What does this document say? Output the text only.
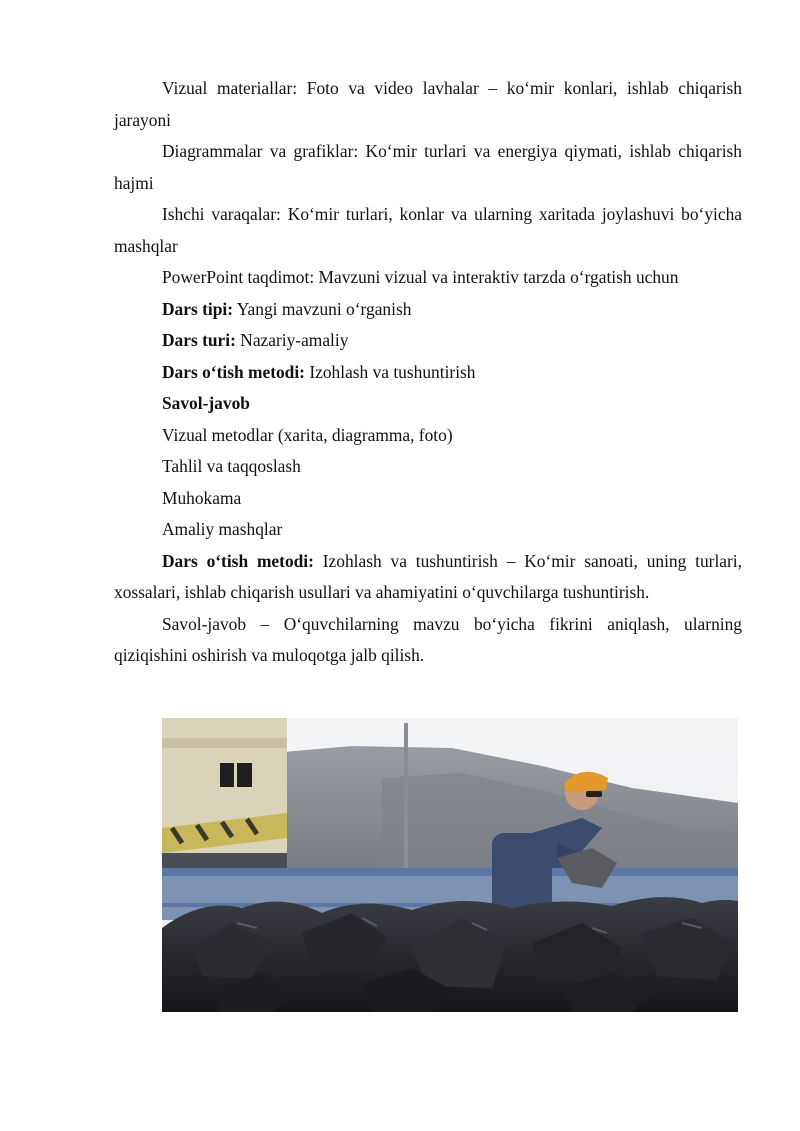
Vizual materiallar: Foto va video lavhalar – ko‘mir konlari, ishlab chiqarish jarayoni

Diagrammalar va grafiklar: Ko‘mir turlari va energiya qiymati, ishlab chiqarish hajmi

Ishchi varaqalar: Ko‘mir turlari, konlar va ularning xaritada joylashuvi bo‘yicha mashqlar

PowerPoint taqdimot: Mavzuni vizual va interaktiv tarzda o‘rgatish uchun

Dars tipi: Yangi mavzuni o‘rganish

Dars turi: Nazariy-amaliy

Dars o‘tish metodi: Izohlash va tushuntirish

Savol-javob

Vizual metodlar (xarita, diagramma, foto)

Tahlil va taqqoslash

Muhokama

Amaliy mashqlar

Dars o‘tish metodi: Izohlash va tushuntirish – Ko‘mir sanoati, uning turlari, xossalari, ishlab chiqarish usullari va ahamiyatini o‘quvchilarga tushuntirish.

Savol-javob – O‘quvchilarning mavzu bo‘yicha fikrini aniqlash, ularning qiziqishini oshirish va muloqotga jalb qilish.
